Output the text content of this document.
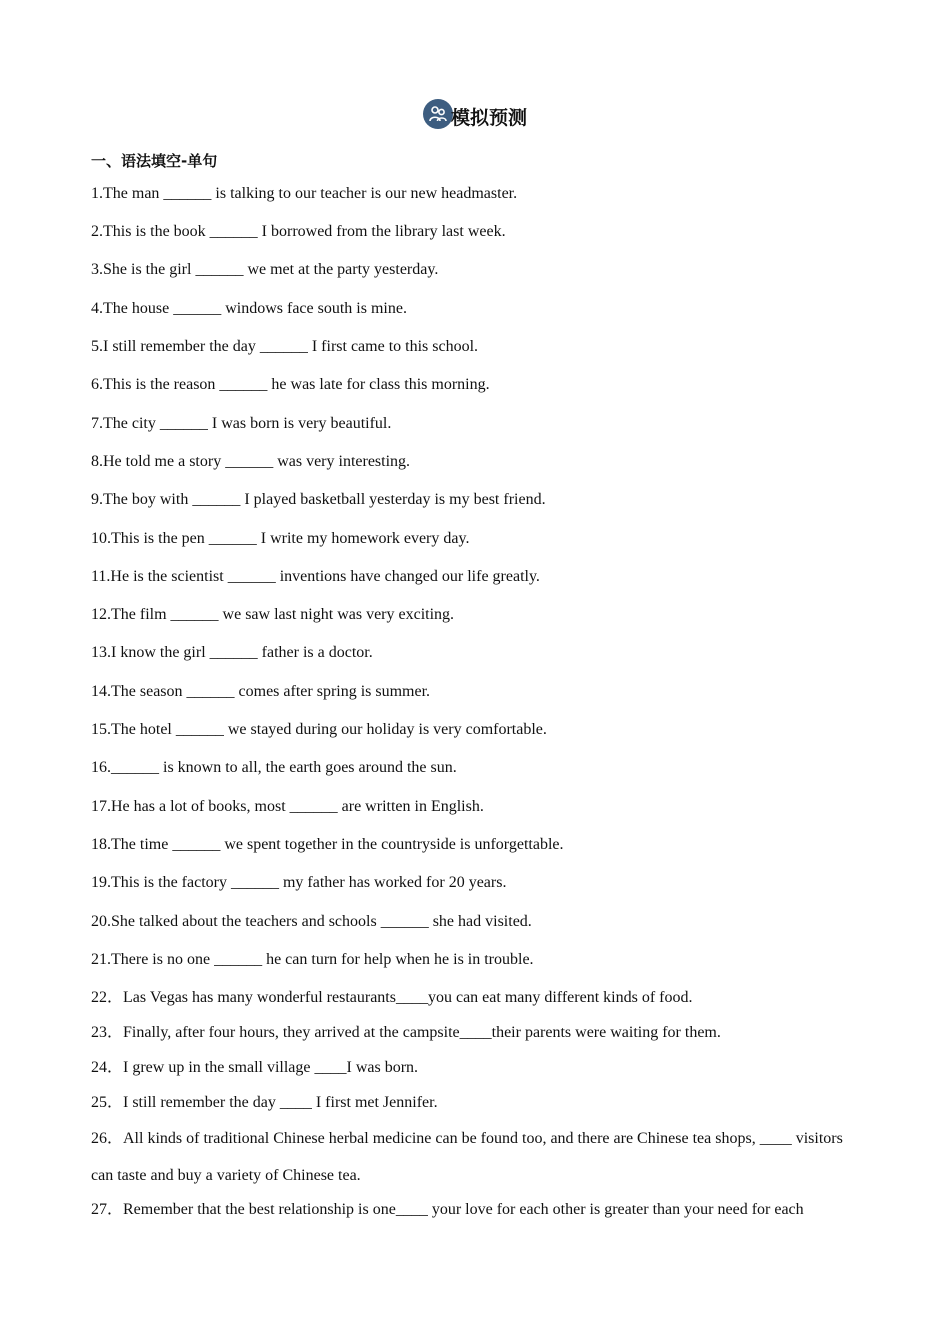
模拟预测
一、语法填空-单句
1.The man ______ is talking to our teacher is our new headmaster.
2.This is the book ______ I borrowed from the library last week.
3.She is the girl ______ we met at the party yesterday.
4.The house ______ windows face south is mine.
5.I still remember the day ______ I first came to this school.
6.This is the reason ______ he was late for class this morning.
7.The city ______ I was born is very beautiful.
8.He told me a story ______ was very interesting.
9.The boy with ______ I played basketball yesterday is my best friend.
10.This is the pen ______ I write my homework every day.
11.He is the scientist ______ inventions have changed our life greatly.
12.The film ______ we saw last night was very exciting.
13.I know the girl ______ father is a doctor.
14.The season ______ comes after spring is summer.
15.The hotel ______ we stayed during our holiday is very comfortable.
16.______ is known to all, the earth goes around the sun.
17.He has a lot of books, most ______ are written in English.
18.The time ______ we spent together in the countryside is unforgettable.
19.This is the factory ______ my father has worked for 20 years.
20.She talked about the teachers and schools ______ she had visited.
21.There is no one ______ he can turn for help when he is in trouble.
22．Las Vegas has many wonderful restaurants____you can eat many different kinds of food.
23．Finally, after four hours, they arrived at the campsite____their parents were waiting for them.
24．I grew up in the small village ____I was born.
25．I still remember the day ____ I first met Jennifer.
26．All kinds of traditional Chinese herbal medicine can be found too, and there are Chinese tea shops, ____ visitors can taste and buy a variety of Chinese tea.
27．Remember that the best relationship is one____ your love for each other is greater than your need for each
